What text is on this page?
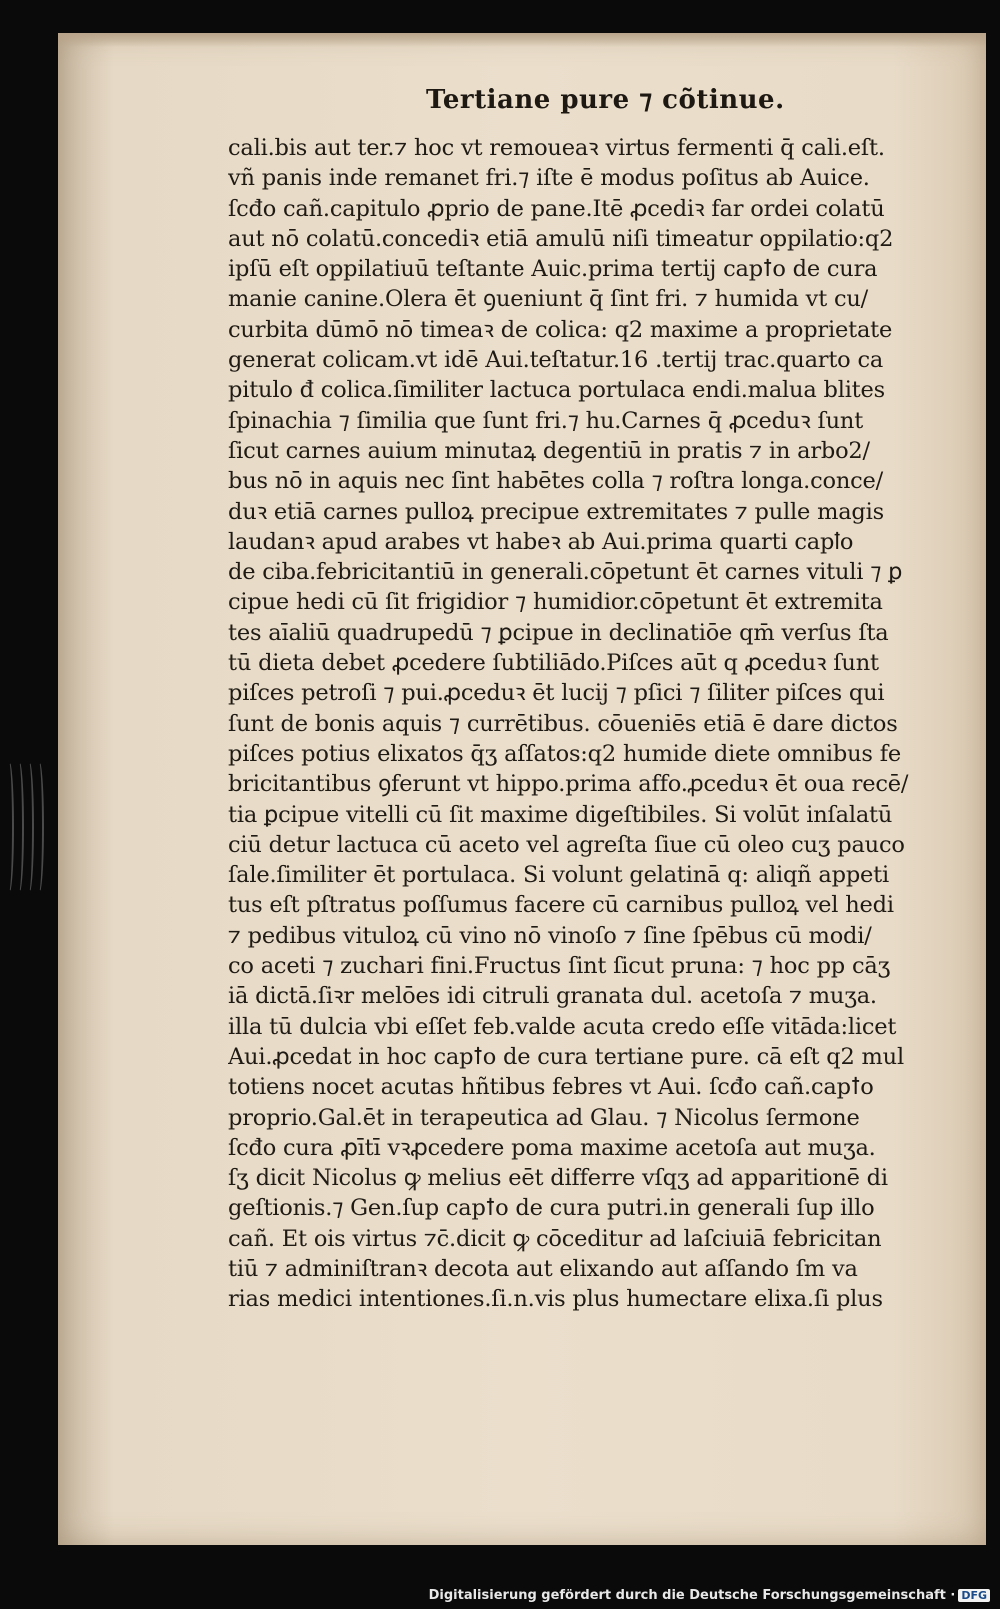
Tertiane pure ⁊ cõtinue.
cali.bis aut ter.⁊ hoc vt remoueaꝛ virtus fermenti q̄ cali.eſt.
vñ panis inde remanet fri.⁊ iſte ē modus poſitus ab Auice.
ſcđo cañ.capitulo ꝓprio de pane.Itē ꝓcediꝛ far ordei colatū
aut nō colatū.concediꝛ etiā amulū niſi timeatur oppilatio:q2
ipſū eſt oppilatiuū teſtante Auic.prima tertij capꝉo de cura
manie canine.Olera ēt ꝯueniunt q̄ ſint fri. ⁊ humida vt cu/
curbita dūmō nō timeaꝛ de colica: q2 maxime a proprietate
generat colicam.vt idē Aui.teſtatur.16 .tertij trac.quarto ca
pitulo đ colica.ſimiliter lactuca portulaca endi.malua blites
ſpinachia ⁊ ſimilia que ſunt fri.⁊ hu.Carnes q̄ ꝓceduꝛ ſunt
ſicut carnes auium minutaꝝ degentiū in pratis ⁊ in arbo2/
bus nō in aquis nec ſint habētes colla ⁊ roſtra longa.conce/
duꝛ etiā carnes pulloꝝ precipue extremitates ⁊ pulle magis
laudanꝛ apud arabes vt habeꝛ ab Aui.prima quarti capꝉo
de ciba.febricitantiū in generali.cōpetunt ēt carnes vituli ⁊ ꝑ
cipue hedi cū ſit frigidior ⁊ humidior.cōpetunt ēt extremita
tes aīaliū quadrupedū ⁊ ꝑcipue in declinatiōe qm̄ verſus ſta
tū dieta debet ꝓcedere ſubtiliādo.Piſces aūt q ꝓceduꝛ ſunt
piſces petroſi ⁊ pui.ꝓceduꝛ ēt lucij ⁊ pſici ⁊ ſiliter piſces qui
ſunt de bonis aquis ⁊ currētibus. cōueniēs etiā ē dare dictos
piſces potius elixatos q̄ʒ aſſatos:q2 humide diete omnibus fe
bricitantibus ꝯferunt vt hippo.prima affo.ꝓceduꝛ ēt oua recē/
tia ꝑcipue vitelli cū ſit maxime digeſtibiles. Si volūt inſalatū
ciū detur lactuca cū aceto vel agreſta ſiue cū oleo cuʒ pauco
ſale.ſimiliter ēt portulaca. Si volunt gelatinā q: aliqñ appeti
tus eſt pſtratus poſſumus facere cū carnibus pulloꝝ vel hedi
⁊ pedibus vituloꝝ cū vino nō vinoſo ⁊ ſine ſpēbus cū modi/
co aceti ⁊ zuchari fini.Fructus ſint ſicut pruna: ⁊ hoc pp cāʒ
iā dictā.ſiꝛr melōes idi citruli granata dul. acetoſa ⁊ muʒa.
illa tū dulcia vbi eſſet feb.valde acuta credo eſſe vitāda:licet
Aui.ꝓcedat in hoc capꝉo de cura tertiane pure. cā eſt q2 mul
totiens nocet acutas hñtibus febres vt Aui. ſcđo cañ.capꝉo
proprio.Gal.ēt in terapeutica ad Glau. ⁊ Nicolus ſermone
ſcđo cura ꝓītī vꝛꝓcedere poma maxime acetoſa aut muʒa.
ſʒ dicit Nicolus ꝙ melius eēt differre vſqʒ ad apparitionē di
geſtionis.⁊ Gen.ſup capꝉo de cura putri.in generali ſup illo
cañ. Et ois virtus ⁊c̄.dicit ꝙ cōceditur ad laſciuiā febricitan
tiū ⁊ adminiſtranꝛ decota aut elixando aut aſſando ſm va
rias medici intentiones.ſi.n.vis plus humectare elixa.ſi plus
Digitalisierung gefördert durch die Deutsche Forschungsgemeinschaft · DFG
